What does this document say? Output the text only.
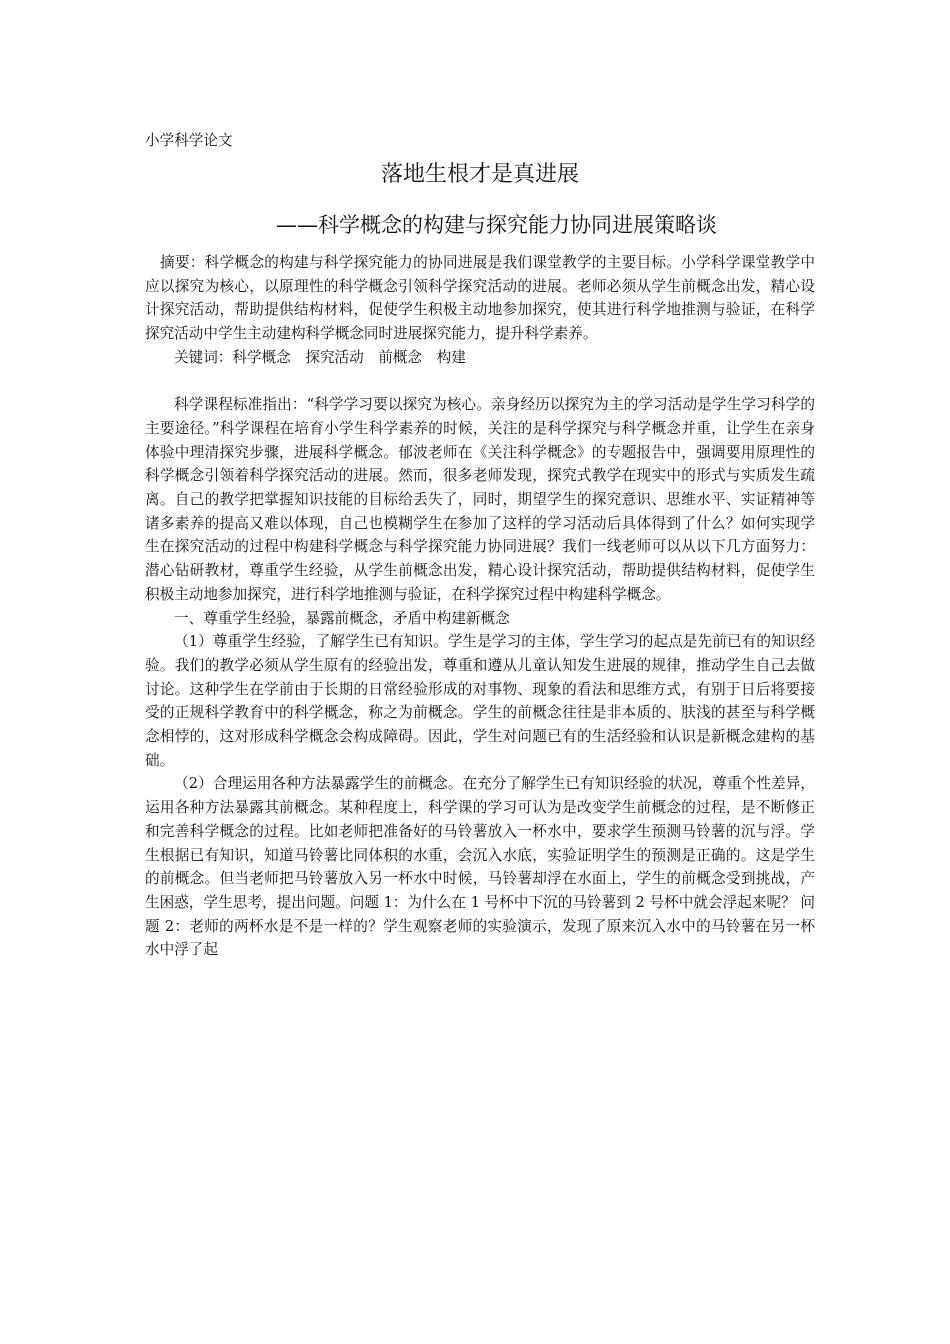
小学科学论文
落地生根才是真进展
——科学概念的构建与探究能力协同进展策略谈

摘要：科学概念的构建与科学探究能力的协同进展是我们课堂教学的主要目标。小学科学课堂教学中应以探究为核心，以原理性的科学概念引领科学探究活动的进展。老师必须从学生前概念出发，精心设计探究活动，帮助提供结构材料，促使学生积极主动地参加探究，使其进行科学地推测与验证，在科学探究活动中学生主动建构科学概念同时进展探究能力，提升科学素养。

关键词：科学概念　探究活动　前概念　构建

科学课程标准指出：“科学学习要以探究为核心。亲身经历以探究为主的学习活动是学生学习科学的主要途径。”科学课程在培育小学生科学素养的时候，关注的是科学探究与科学概念并重，让学生在亲身体验中理清探究步骤，进展科学概念。郁波老师在《关注科学概念》的专题报告中，强调要用原理性的科学概念引领着科学探究活动的进展。然而，很多老师发现，探究式教学在现实中的形式与实质发生疏离。自己的教学把掌握知识技能的目标给丢失了，同时，期望学生的探究意识、思维水平、实证精神等诸多素养的提高又难以体现，自己也模糊学生在参加了这样的学习活动后具体得到了什么？如何实现学生在探究活动的过程中构建科学概念与科学探究能力协同进展？我们一线老师可以从以下几方面努力：潜心钻研教材，尊重学生经验，从学生前概念出发，精心设计探究活动，帮助提供结构材料，促使学生积极主动地参加探究，进行科学地推测与验证，在科学探究过程中构建科学概念。

一、尊重学生经验，暴露前概念，矛盾中构建新概念

（1）尊重学生经验，了解学生已有知识。学生是学习的主体，学生学习的起点是先前已有的知识经验。我们的教学必须从学生原有的经验出发，尊重和遵从儿童认知发生进展的规律，推动学生自己去做讨论。这种学生在学前由于长期的日常经验形成的对事物、现象的看法和思维方式，有别于日后将要接受的正规科学教育中的科学概念，称之为前概念。学生的前概念往往是非本质的、肤浅的甚至与科学概念相悖的，这对形成科学概念会构成障碍。因此，学生对问题已有的生活经验和认识是新概念建构的基础。

（2）合理运用各种方法暴露学生的前概念。在充分了解学生已有知识经验的状况，尊重个性差异，运用各种方法暴露其前概念。某种程度上，科学课的学习可认为是改变学生前概念的过程，是不断修正和完善科学概念的过程。比如老师把准备好的马铃薯放入一杯水中，要求学生预测马铃薯的沉与浮。学生根据已有知识，知道马铃薯比同体积的水重，会沉入水底，实验证明学生的预测是正确的。这是学生的前概念。但当老师把马铃薯放入另一杯水中时候，马铃薯却浮在水面上，学生的前概念受到挑战，产生困惑，学生思考，提出问题。问题 1：为什么在 1 号杯中下沉的马铃薯到 2 号杯中就会浮起来呢？ 问题 2：老师的两杯水是不是一样的？学生观察老师的实验演示，发现了原来沉入水中的马铃薯在另一杯水中浮了起
